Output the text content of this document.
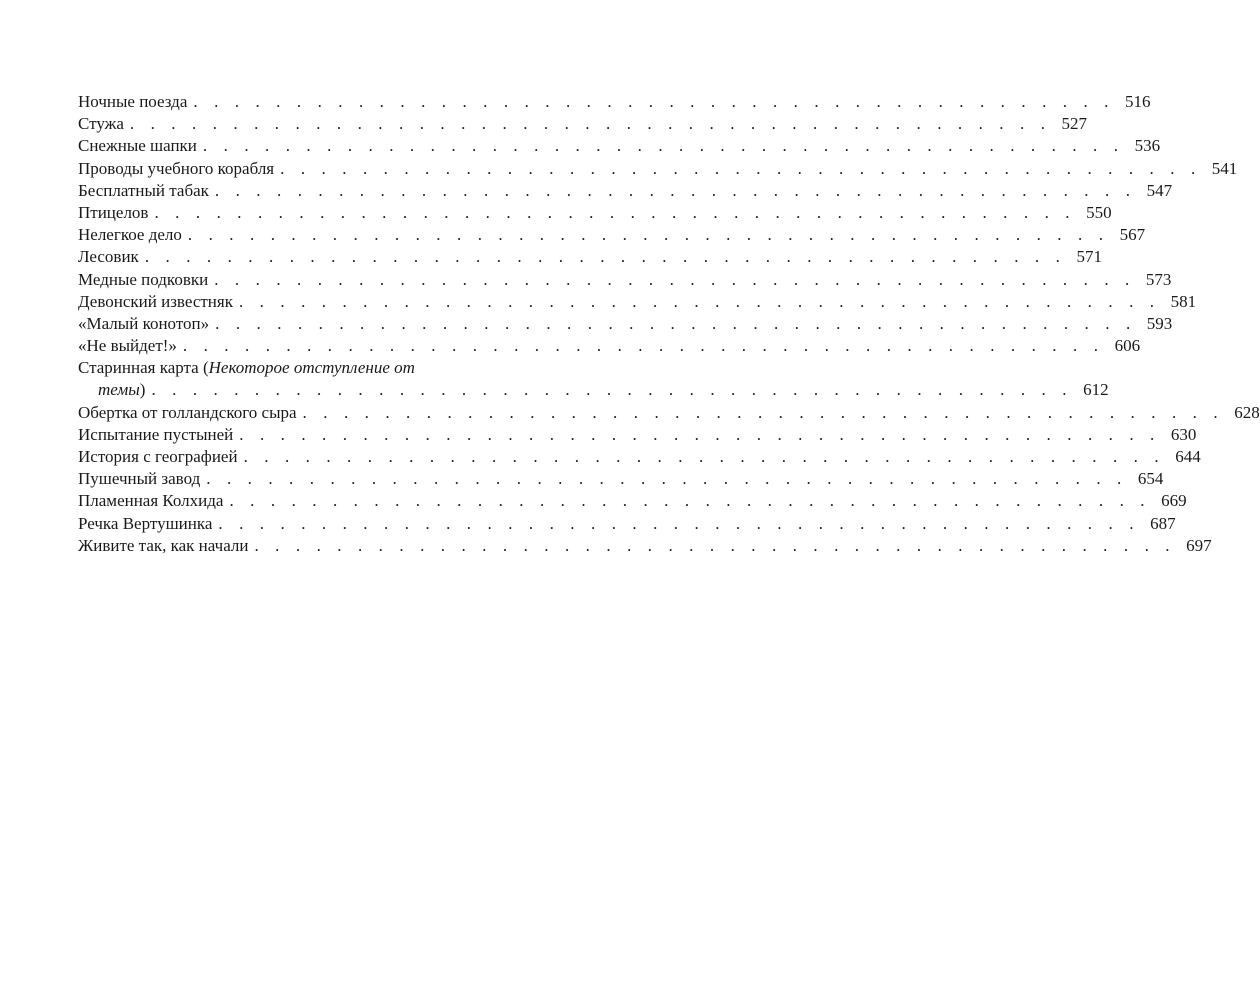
Ночные поезда . . . . . . . . . . . . . . . . . . . . . . . . . . . . . . . . . . . . . . . . . . . . . 516
Стужа . . . . . . . . . . . . . . . . . . . . . . . . . . . . . . . . . . . . . . . . . . . . . 527
Снежные шапки . . . . . . . . . . . . . . . . . . . . . . . . . . . . . . . . . . . . . . . . . . . . . 536
Проводы учебного корабля . . . . . . . . . . . . . . . . . . . . . . . . . . . . . . . . . . . . . . . . . . . . . 541
Бесплатный табак . . . . . . . . . . . . . . . . . . . . . . . . . . . . . . . . . . . . . . . . . . . . . 547
Птицелов . . . . . . . . . . . . . . . . . . . . . . . . . . . . . . . . . . . . . . . . . . . . . 550
Нелегкое дело . . . . . . . . . . . . . . . . . . . . . . . . . . . . . . . . . . . . . . . . . . . . . 567
Лесовик . . . . . . . . . . . . . . . . . . . . . . . . . . . . . . . . . . . . . . . . . . . . . 571
Медные подковки . . . . . . . . . . . . . . . . . . . . . . . . . . . . . . . . . . . . . . . . . . . . . 573
Девонский известняк . . . . . . . . . . . . . . . . . . . . . . . . . . . . . . . . . . . . . . . . . . . . . 581
«Малый конотоп» . . . . . . . . . . . . . . . . . . . . . . . . . . . . . . . . . . . . . . . . . . . . . 593
«Не выйдет!» . . . . . . . . . . . . . . . . . . . . . . . . . . . . . . . . . . . . . . . . . . . . . 606
Старинная карта (Некоторое отступление от
темы) . . . . . . . . . . . . . . . . . . . . . . . . . . . . . . . . . . . . . . . . . . . . . 612
Обертка от голландского сыра . . . . . . . . . . . . . . . . . . . . . . . . . . . . . . . . . . . . . . . . . . . . . 628
Испытание пустыней . . . . . . . . . . . . . . . . . . . . . . . . . . . . . . . . . . . . . . . . . . . . . 630
История с географией . . . . . . . . . . . . . . . . . . . . . . . . . . . . . . . . . . . . . . . . . . . . . 644
Пушечный завод . . . . . . . . . . . . . . . . . . . . . . . . . . . . . . . . . . . . . . . . . . . . . 654
Пламенная Колхида . . . . . . . . . . . . . . . . . . . . . . . . . . . . . . . . . . . . . . . . . . . . . 669
Речка Вертушинка . . . . . . . . . . . . . . . . . . . . . . . . . . . . . . . . . . . . . . . . . . . . . 687
Живите так, как начали . . . . . . . . . . . . . . . . . . . . . . . . . . . . . . . . . . . . . . . . . . . . . 697
